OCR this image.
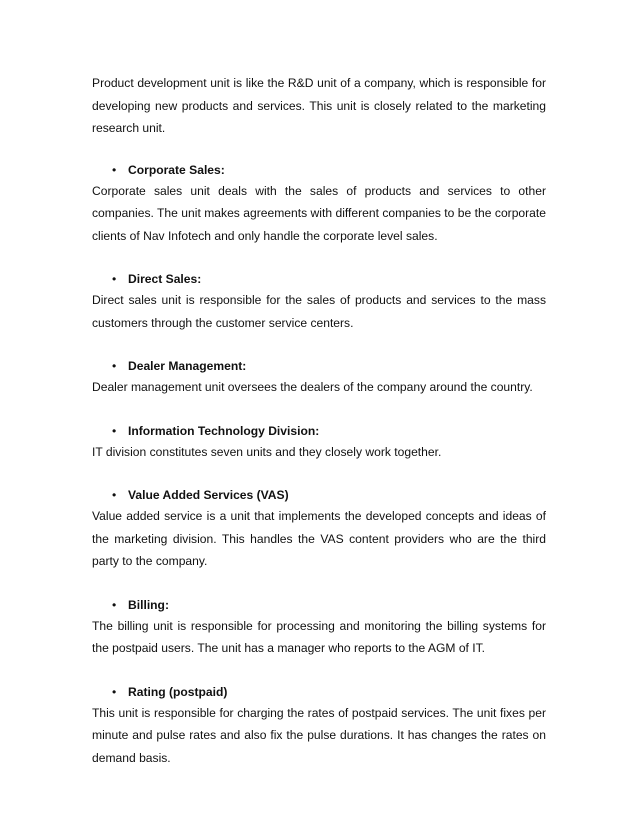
Product development unit is like the R&D unit of a company, which is responsible for developing new products and services. This unit is closely related to the marketing research unit.

• Corporate Sales:

Corporate sales unit deals with the sales of products and services to other companies. The unit makes agreements with different companies to be the corporate clients of Nav Infotech and only handle the corporate level sales.

• Direct Sales:

Direct sales unit is responsible for the sales of products and services to the mass customers through the customer service centers.

• Dealer Management:

Dealer management unit oversees the dealers of the company around the country.

• Information Technology Division:

IT division constitutes seven units and they closely work together.

• Value Added Services (VAS)

Value added service is a unit that implements the developed concepts and ideas of the marketing division. This handles the VAS content providers who are the third party to the company.

• Billing:

The billing unit is responsible for processing and monitoring the billing systems for the postpaid users. The unit has a manager who reports to the AGM of IT.

• Rating (postpaid)

This unit is responsible for charging the rates of postpaid services. The unit fixes per minute and pulse rates and also fix the pulse durations. It has changes the rates on demand basis.
